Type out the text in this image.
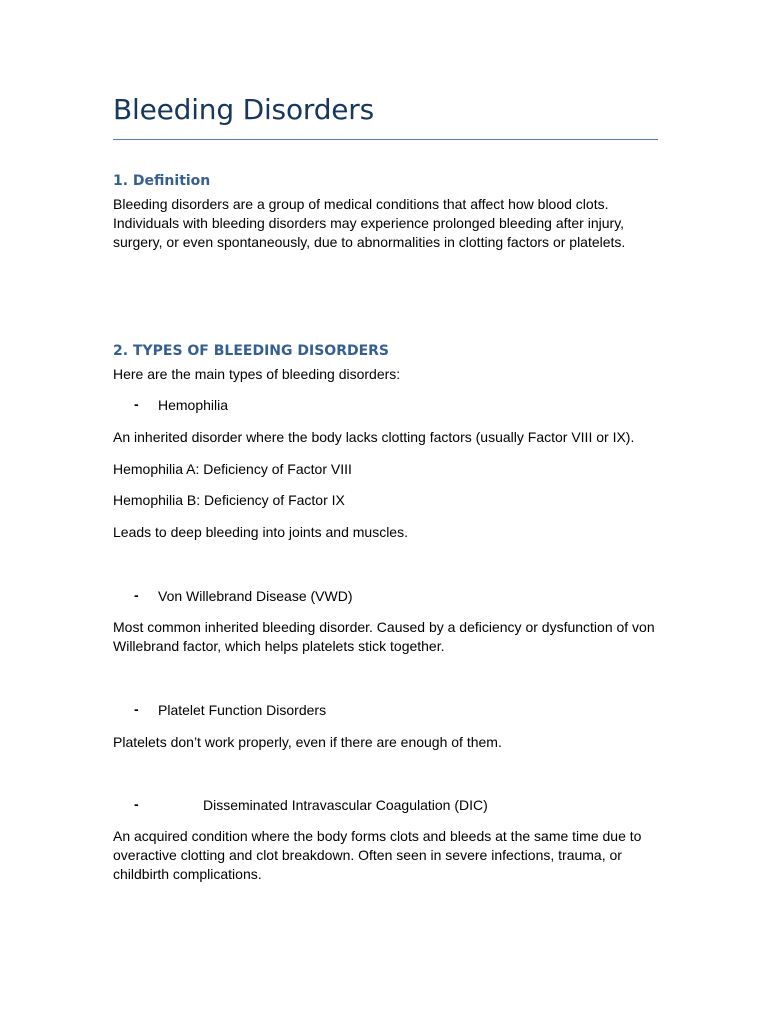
Bleeding Disorders
1. Definition

Bleeding disorders are a group of medical conditions that affect how blood clots.

Individuals with bleeding disorders may experience prolonged bleeding after injury,

surgery, or even spontaneously, due to abnormalities in clotting factors or platelets.

2. TYPES OF BLEEDING DISORDERS

Here are the main types of bleeding disorders:

- Hemophilia

An inherited disorder where the body lacks clotting factors (usually Factor VIII or IX).

Hemophilia A: Deficiency of Factor VIII

Hemophilia B: Deficiency of Factor IX

Leads to deep bleeding into joints and muscles.

- Von Willebrand Disease (VWD)

Most common inherited bleeding disorder. Caused by a deficiency or dysfunction of von

Willebrand factor, which helps platelets stick together.

- Platelet Function Disorders

Platelets don’t work properly, even if there are enough of them.

-	Disseminated Intravascular Coagulation (DIC)

An acquired condition where the body forms clots and bleeds at the same time due to

overactive clotting and clot breakdown. Often seen in severe infections, trauma, or

childbirth complications.
